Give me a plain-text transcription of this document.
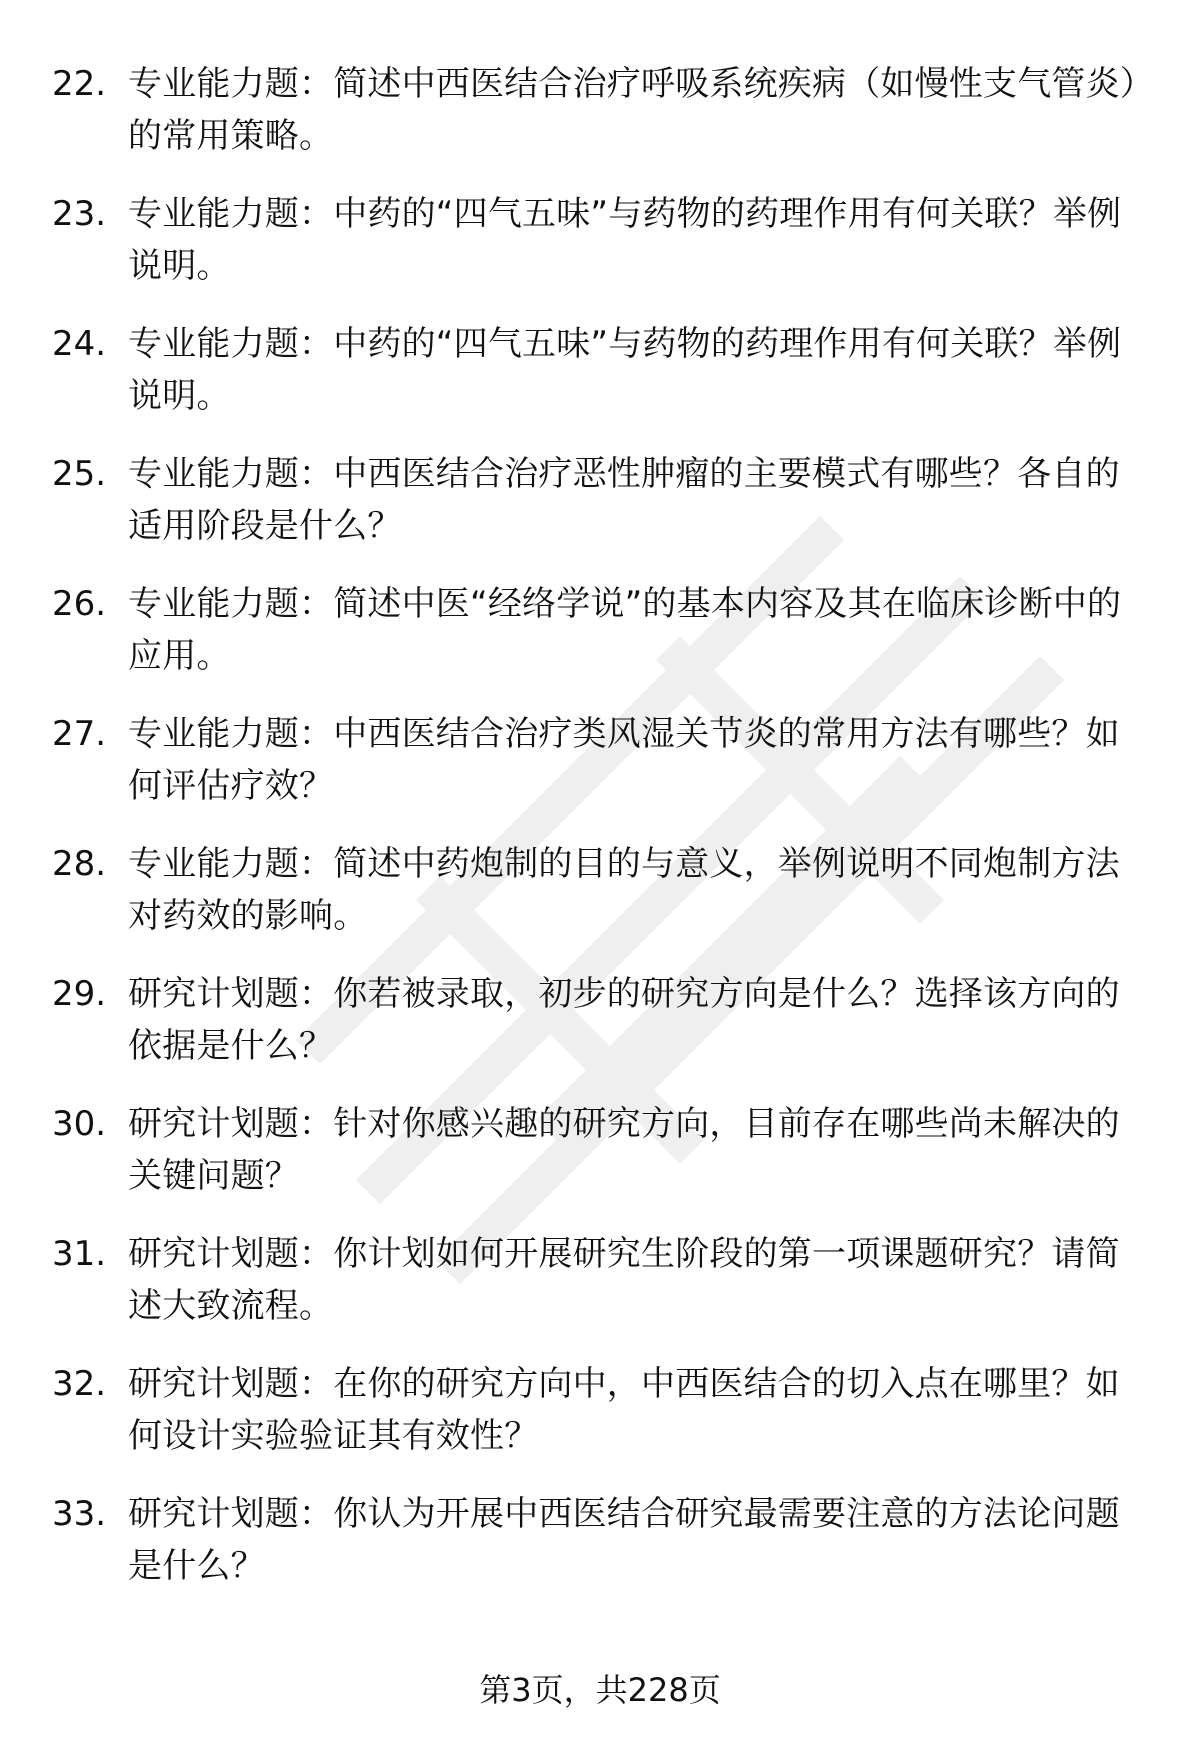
22. 专业能力题：简述中西医结合治疗呼吸系统疾病（如慢性支气管炎）的常用策略。
23. 专业能力题：中药的“四气五味”与药物的药理作用有何关联？举例说明。
24. 专业能力题：中药的“四气五味”与药物的药理作用有何关联？举例说明。
25. 专业能力题：中西医结合治疗恶性肿瘤的主要模式有哪些？各自的适用阶段是什么？
26. 专业能力题：简述中医“经络学说”的基本内容及其在临床诊断中的应用。
27. 专业能力题：中西医结合治疗类风湿关节炎的常用方法有哪些？如何评估疗效？
28. 专业能力题：简述中药炮制的目的与意义，举例说明不同炮制方法对药效的影响。
29. 研究计划题：你若被录取，初步的研究方向是什么？选择该方向的依据是什么？
30. 研究计划题：针对你感兴趣的研究方向，目前存在哪些尚未解决的关键问题？
31. 研究计划题：你计划如何开展研究生阶段的第一项课题研究？请简述大致流程。
32. 研究计划题：在你的研究方向中，中西医结合的切入点在哪里？如何设计实验验证其有效性？
33. 研究计划题：你认为开展中西医结合研究最需要注意的方法论问题是什么？
第3页，共228页
